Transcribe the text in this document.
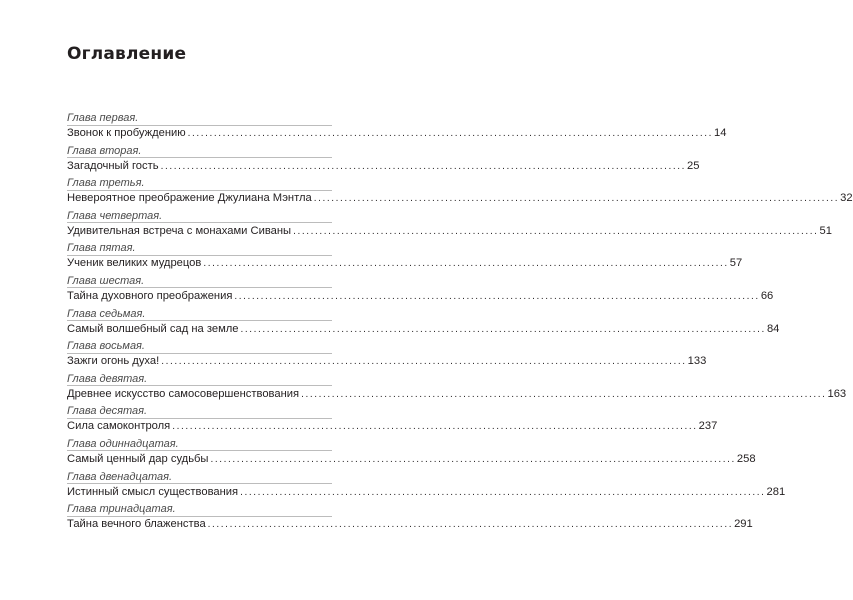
Оглавление
Глава первая.
Звонок к пробуждению ........................................................................................................................ 14
Глава вторая.
Загадочный гость ........................................................................................................................ 25
Глава третья.
Невероятное преображение Джулиана Мэнтла ........................................................................................................................ 32
Глава четвертая.
Удивительная встреча с монахами Сиваны ........................................................................................................................ 51
Глава пятая.
Ученик великих мудрецов ........................................................................................................................ 57
Глава шестая.
Тайна духовного преображения ........................................................................................................................ 66
Глава седьмая.
Самый волшебный сад на земле ........................................................................................................................ 84
Глава восьмая.
Зажги огонь духа! ........................................................................................................................ 133
Глава девятая.
Древнее искусство самосовершенствования ........................................................................................................................ 163
Глава десятая.
Сила самоконтроля ........................................................................................................................ 237
Глава одиннадцатая.
Самый ценный дар судьбы ........................................................................................................................ 258
Глава двенадцатая.
Истинный смысл существования ........................................................................................................................ 281
Глава тринадцатая.
Тайна вечного блаженства ........................................................................................................................ 291
